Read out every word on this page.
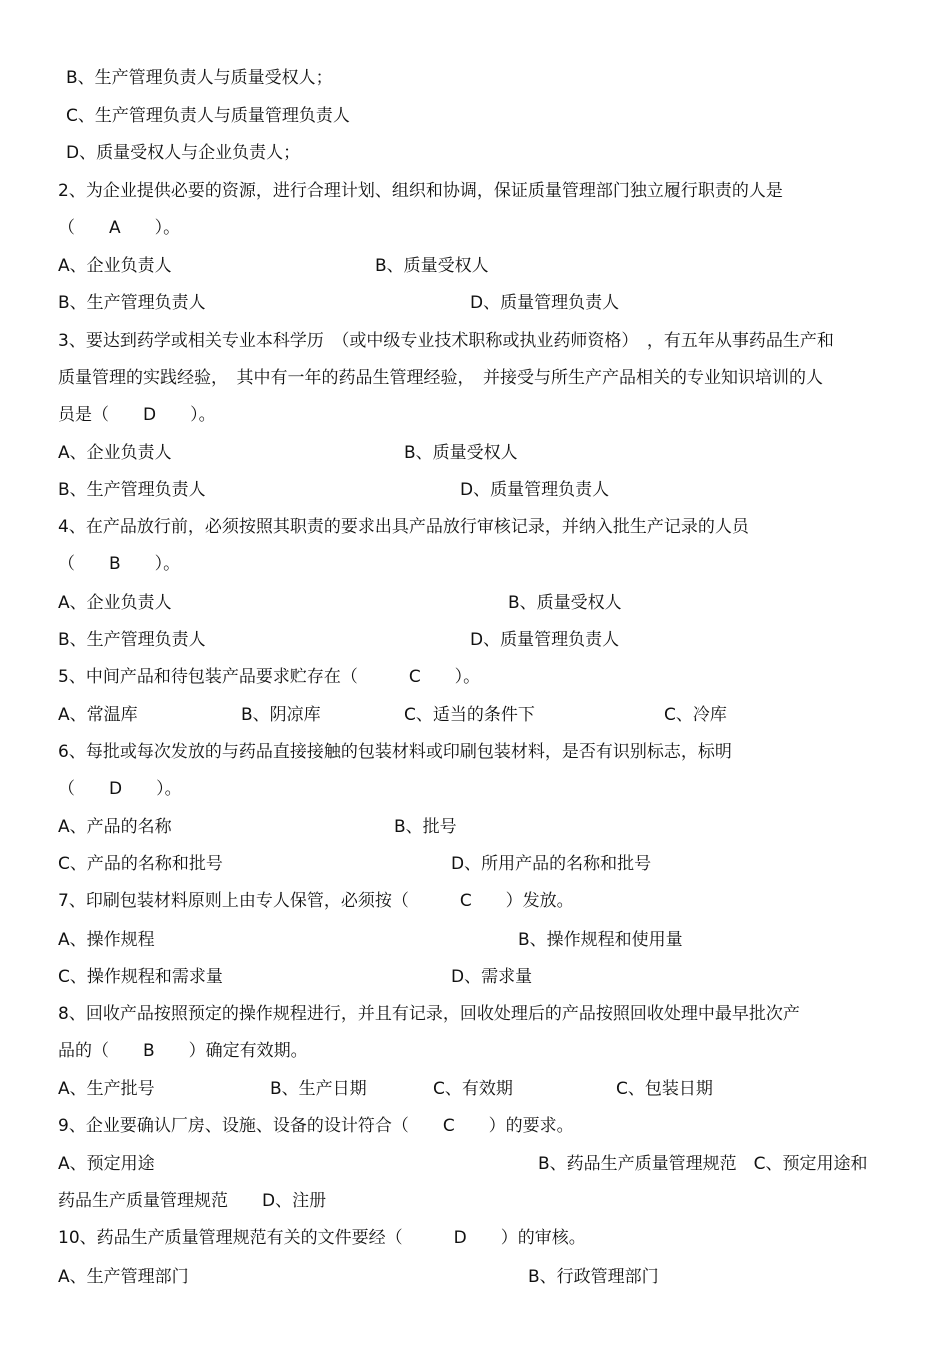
B、生产管理负责人与质量受权人；
C、生产管理负责人与质量管理负责人
D、质量受权人与企业负责人；
2、为企业提供必要的资源，进行合理计划、组织和协调，保证质量管理部门独立履行职责的人是
（　　A　　）。
A、企业负责人	B、质量受权人
B、生产管理负责人	D、质量管理负责人
3、要达到药学或相关专业本科学历　（或中级专业技术职称或执业药师资格）　，有五年从事药品生产和
质量管理的实践经验，　其中有一年的药品生管理经验，　并接受与所生产产品相关的专业知识培训的人
员是（　　D　　）。
A、企业负责人	B、质量受权人
B、生产管理负责人	D、质量管理负责人
4、在产品放行前，必须按照其职责的要求出具产品放行审核记录，并纳入批生产记录的人员
（　　B　　）。
A、企业负责人	B、质量受权人
B、生产管理负责人	D、质量管理负责人
5、中间产品和待包装产品要求贮存在（　　　C　　）。
A、常温库	B、阴凉库	C、适当的条件下	C、冷库
6、每批或每次发放的与药品直接接触的包装材料或印刷包装材料，是否有识别标志，标明
（　　D　　）。
A、产品的名称	B、批号
C、产品的名称和批号	D、所用产品的名称和批号
7、印刷包装材料原则上由专人保管，必须按（　　　C　　）发放。
A、操作规程	B、操作规程和使用量
C、操作规程和需求量	D、需求量
8、回收产品按照预定的操作规程进行，并且有记录，回收处理后的产品按照回收处理中最早批次产
品的（　　B　　）确定有效期。
A、生产批号	B、生产日期	C、有效期	C、包装日期
9、企业要确认厂房、设施、设备的设计符合（　　C　　）的要求。
A、预定用途	B、药品生产质量管理规范　C、预定用途和
药品生产质量管理规范　　D、注册
10、药品生产质量管理规范有关的文件要经（　　　D　　）的审核。
A、生产管理部门	B、行政管理部门
